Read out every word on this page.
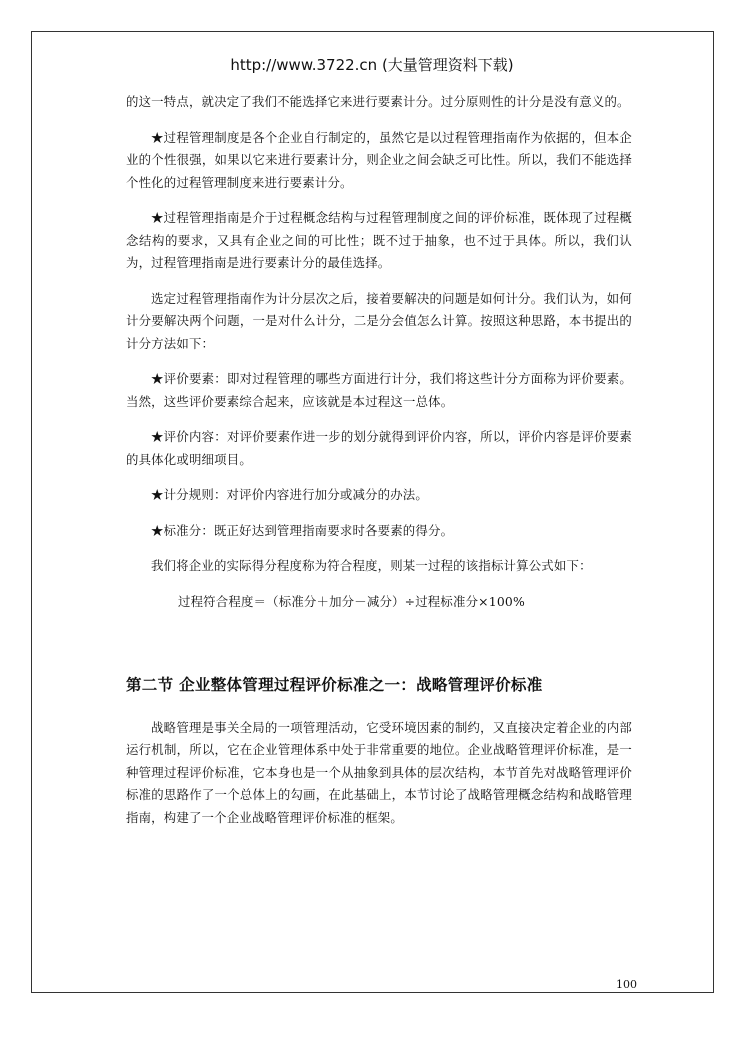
http://www.3722.cn (大量管理资料下载)

的这一特点，就决定了我们不能选择它来进行要素计分。过分原则性的计分是没有意义的。

★过程管理制度是各个企业自行制定的，虽然它是以过程管理指南作为依据的，但本企业的个性很强，如果以它来进行要素计分，则企业之间会缺乏可比性。所以，我们不能选择个性化的过程管理制度来进行要素计分。

★过程管理指南是介于过程概念结构与过程管理制度之间的评价标准，既体现了过程概念结构的要求，又具有企业之间的可比性；既不过于抽象，也不过于具体。所以，我们认为，过程管理指南是进行要素计分的最佳选择。

选定过程管理指南作为计分层次之后，接着要解决的问题是如何计分。我们认为，如何计分要解决两个问题，一是对什么计分，二是分会值怎么计算。按照这种思路，本书提出的计分方法如下：

★评价要素：即对过程管理的哪些方面进行计分，我们将这些计分方面称为评价要素。当然，这些评价要素综合起来，应该就是本过程这一总体。

★评价内容：对评价要素作进一步的划分就得到评价内容，所以，评价内容是评价要素的具体化或明细项目。

★计分规则：对评价内容进行加分或减分的办法。

★标准分：既正好达到管理指南要求时各要素的得分。

我们将企业的实际得分程度称为符合程度，则某一过程的该指标计算公式如下：

过程符合程度＝（标准分＋加分－减分）÷过程标准分×100%

第二节 企业整体管理过程评价标准之一：战略管理评价标准

战略管理是事关全局的一项管理活动，它受环境因素的制约，又直接决定着企业的内部运行机制，所以，它在企业管理体系中处于非常重要的地位。企业战略管理评价标准，是一种管理过程评价标准，它本身也是一个从抽象到具体的层次结构，本节首先对战略管理评价标准的思路作了一个总体上的勾画，在此基础上，本节讨论了战略管理概念结构和战略管理指南，构建了一个企业战略管理评价标准的框架。

100
